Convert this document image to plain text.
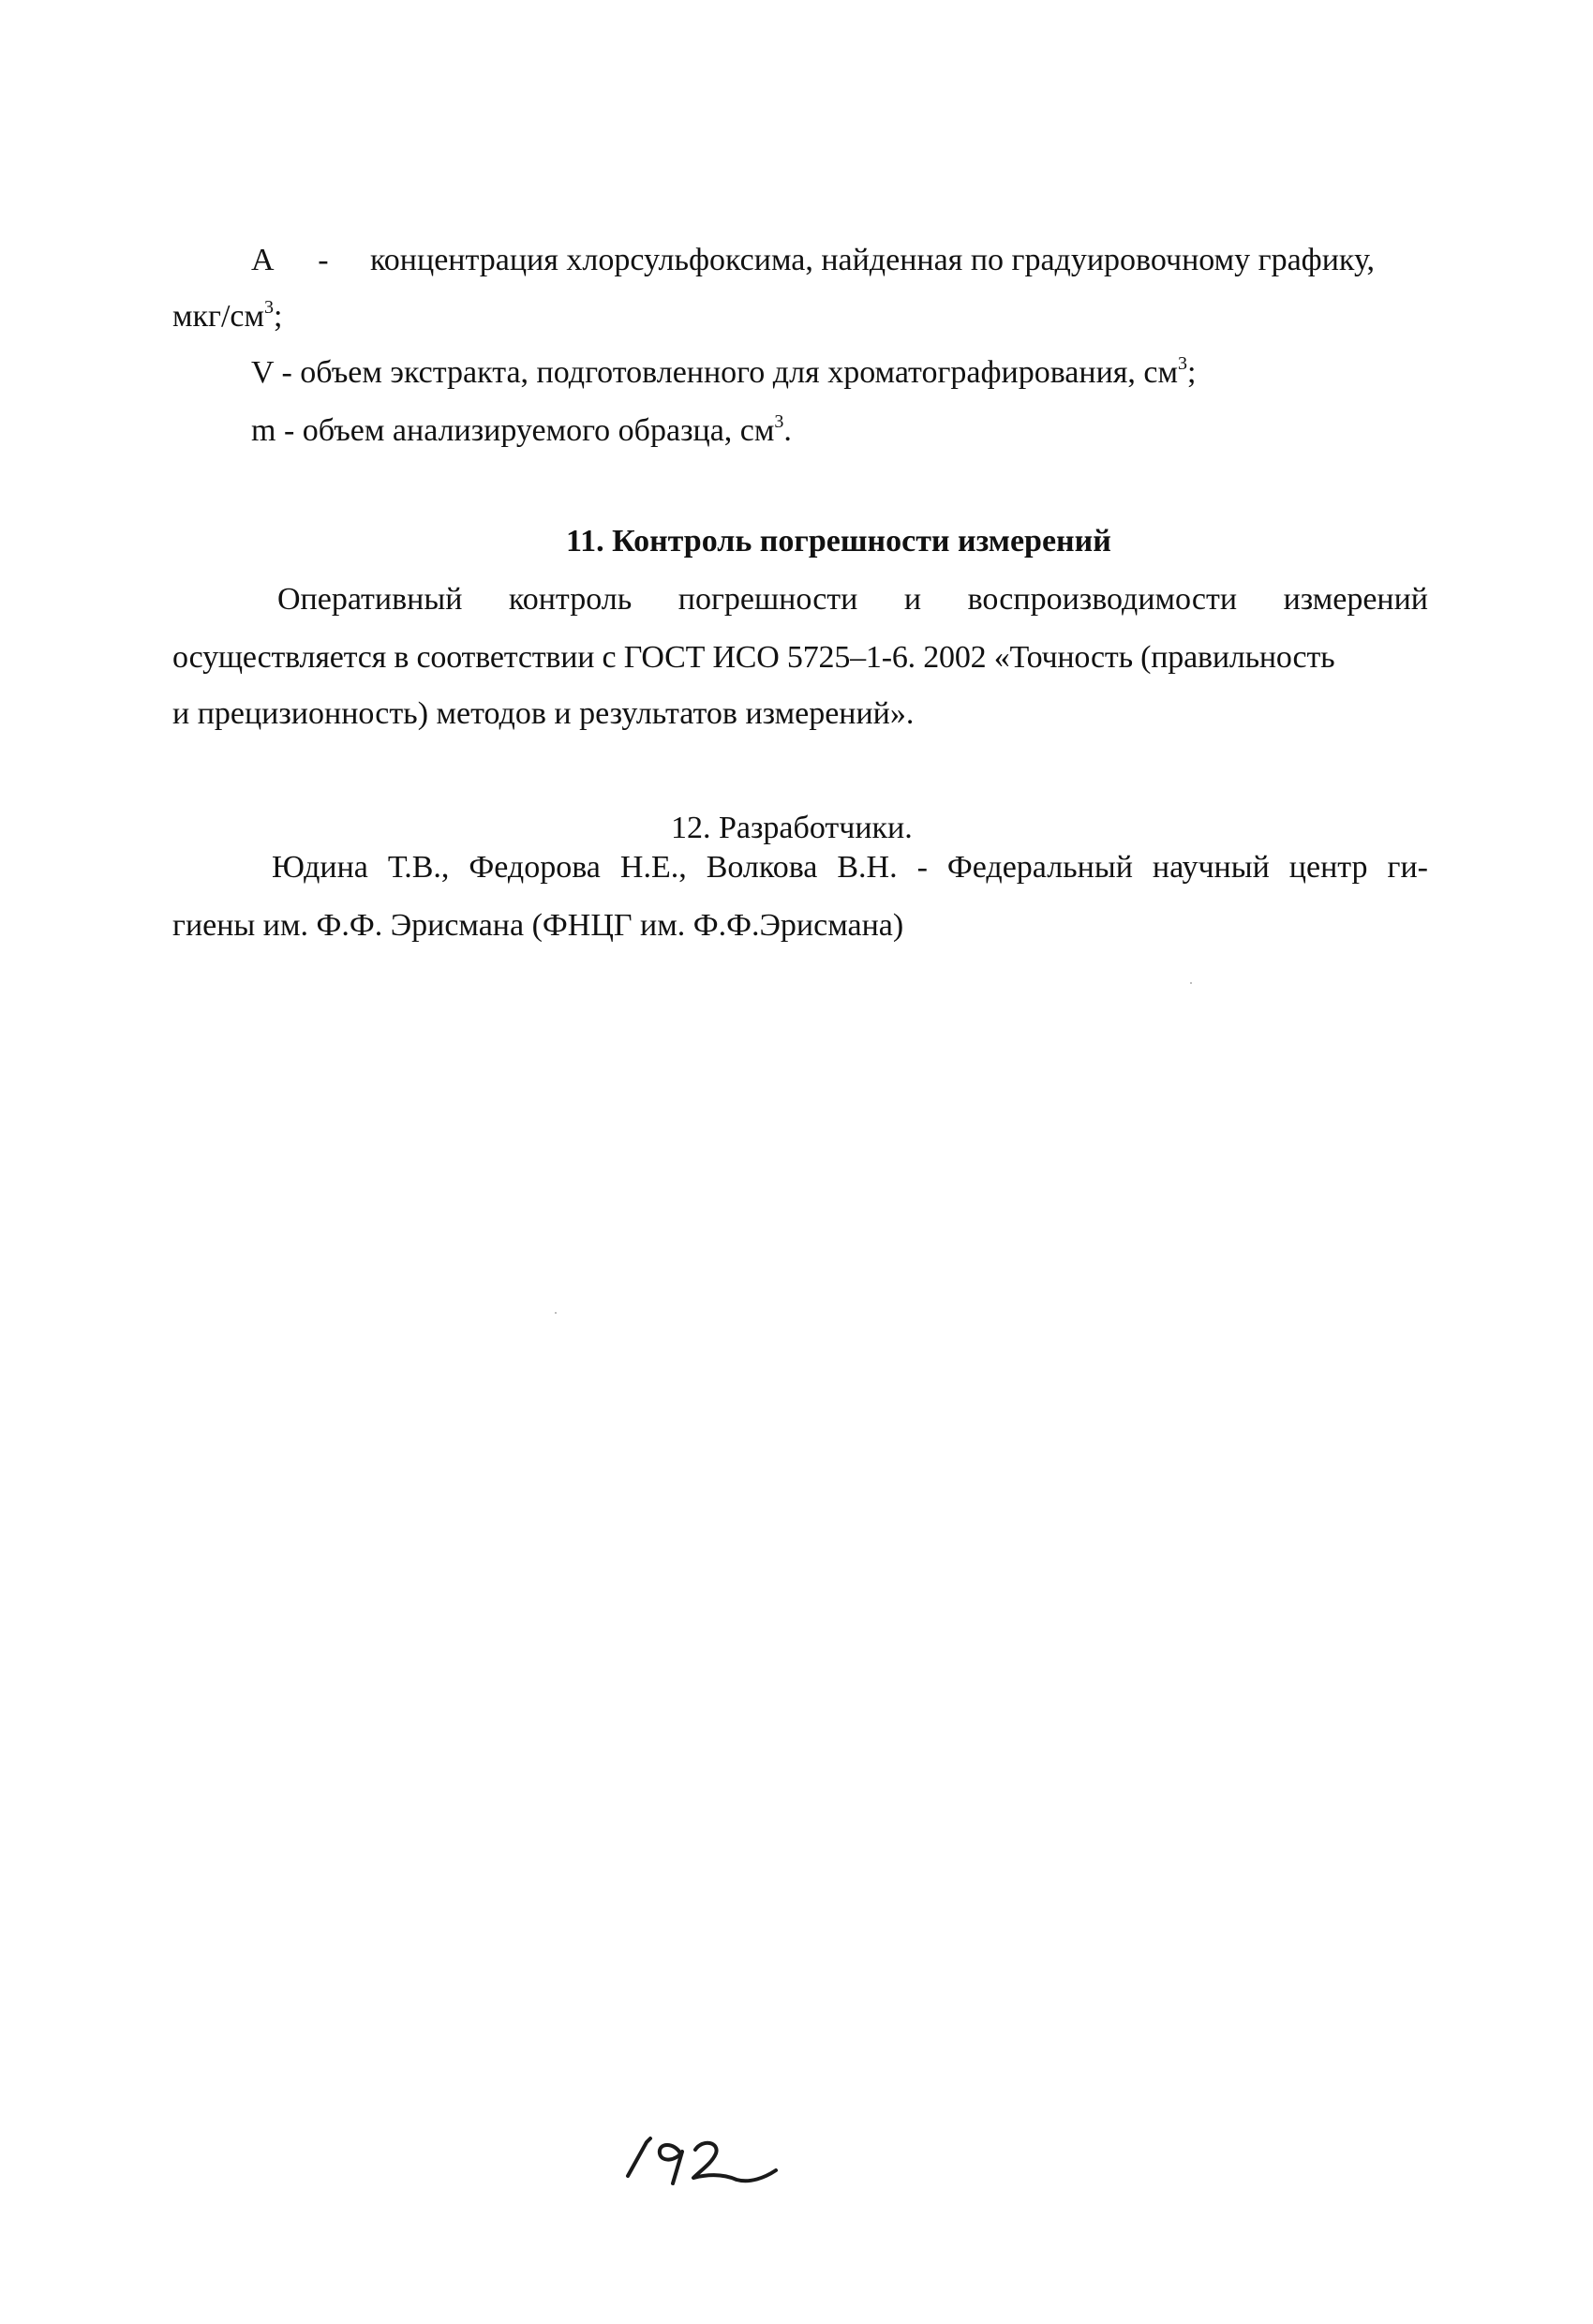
A - концентрация хлорсульфоксима, найденная по градуировочному графику,
мкг/$см^3$;
V - объем экстракта, подготовленного для хроматографирования, $см^3$;
m - объем анализируемого образца, $см^3$.
11. Контроль погрешности измерений
Оперативный контроль погрешности и воспроизводимости измерений
осуществляется в соответствии с ГОСТ ИСО 5725–1-6. 2002 «Точность (правильность
и прецизионность) методов и результатов измерений».
12. Разработчики.
Юдина Т.В., Федорова Н.Е., Волкова В.Н. - Федеральный научный центр ги-
гиены им. Ф.Ф. Эрисмана (ФНЦГ им. Ф.Ф.Эрисмана)
